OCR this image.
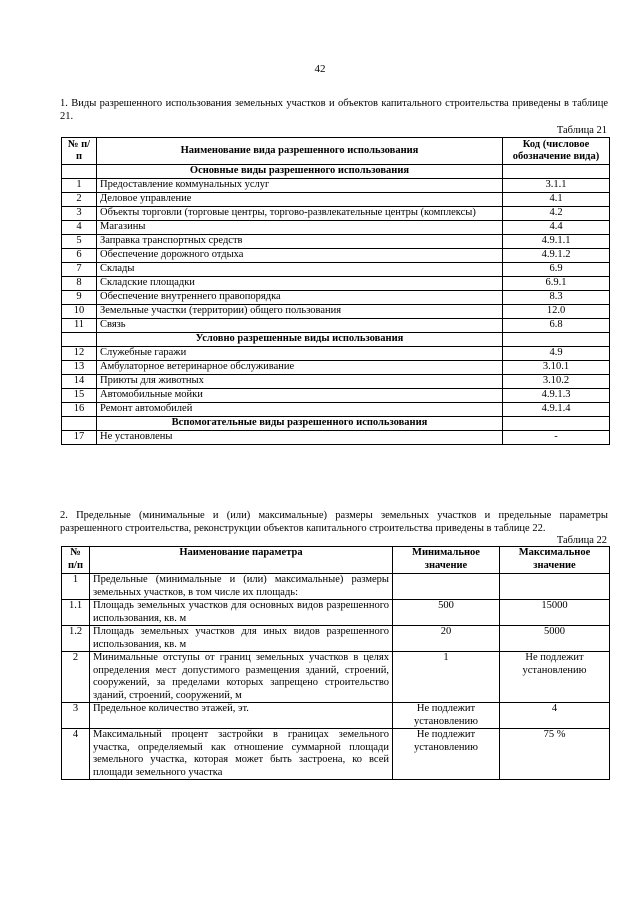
42
1. Виды разрешенного использования земельных участков и объектов капитального строительства приведены в таблице 21.
Таблица 21
№ п/п	Наименование вида разрешенного использования	Код (числовое обозначение вида)
	Основные виды разрешенного использования	
1	Предоставление коммунальных услуг	3.1.1
2	Деловое управление	4.1
3	Объекты торговли (торговые центры, торгово-развлекательные центры (комплексы)	4.2
4	Магазины	4.4
5	Заправка транспортных средств	4.9.1.1
6	Обеспечение дорожного отдыха	4.9.1.2
7	Склады	6.9
8	Складские площадки	6.9.1
9	Обеспечение внутреннего правопорядка	8.3
10	Земельные участки (территории) общего пользования	12.0
11	Связь	6.8
	Условно разрешенные виды использования	
12	Служебные гаражи	4.9
13	Амбулаторное ветеринарное обслуживание	3.10.1
14	Приюты для животных	3.10.2
15	Автомобильные мойки	4.9.1.3
16	Ремонт автомобилей	4.9.1.4
	Вспомогательные виды разрешенного использования	
17	Не установлены	-
2. Предельные (минимальные и (или) максимальные) размеры земельных участков и предельные параметры разрешенного строительства, реконструкции объектов капитального строительства приведены в таблице 22.
Таблица 22
№ п/п	Наименование параметра	Минимальное значение	Максимальное значение
1	Предельные (минимальные и (или) максимальные) размеры земельных участков, в том числе их площадь:		
1.1	Площадь земельных участков для основных видов разрешенного использования, кв. м	500	15000
1.2	Площадь земельных участков для иных видов разрешенного использования, кв. м	20	5000
2	Минимальные отступы от границ земельных участков в целях определения мест допустимого размещения зданий, строений, сооружений, за пределами которых запрещено строительство зданий, строений, сооружений, м	1	Не подлежит установлению
3	Предельное количество этажей, эт.	Не подлежит установлению	4
4	Максимальный процент застройки в границах земельного участка, определяемый как отношение суммарной площади земельного участка, которая может быть застроена, ко всей площади земельного участка	Не подлежит установлению	75 %
